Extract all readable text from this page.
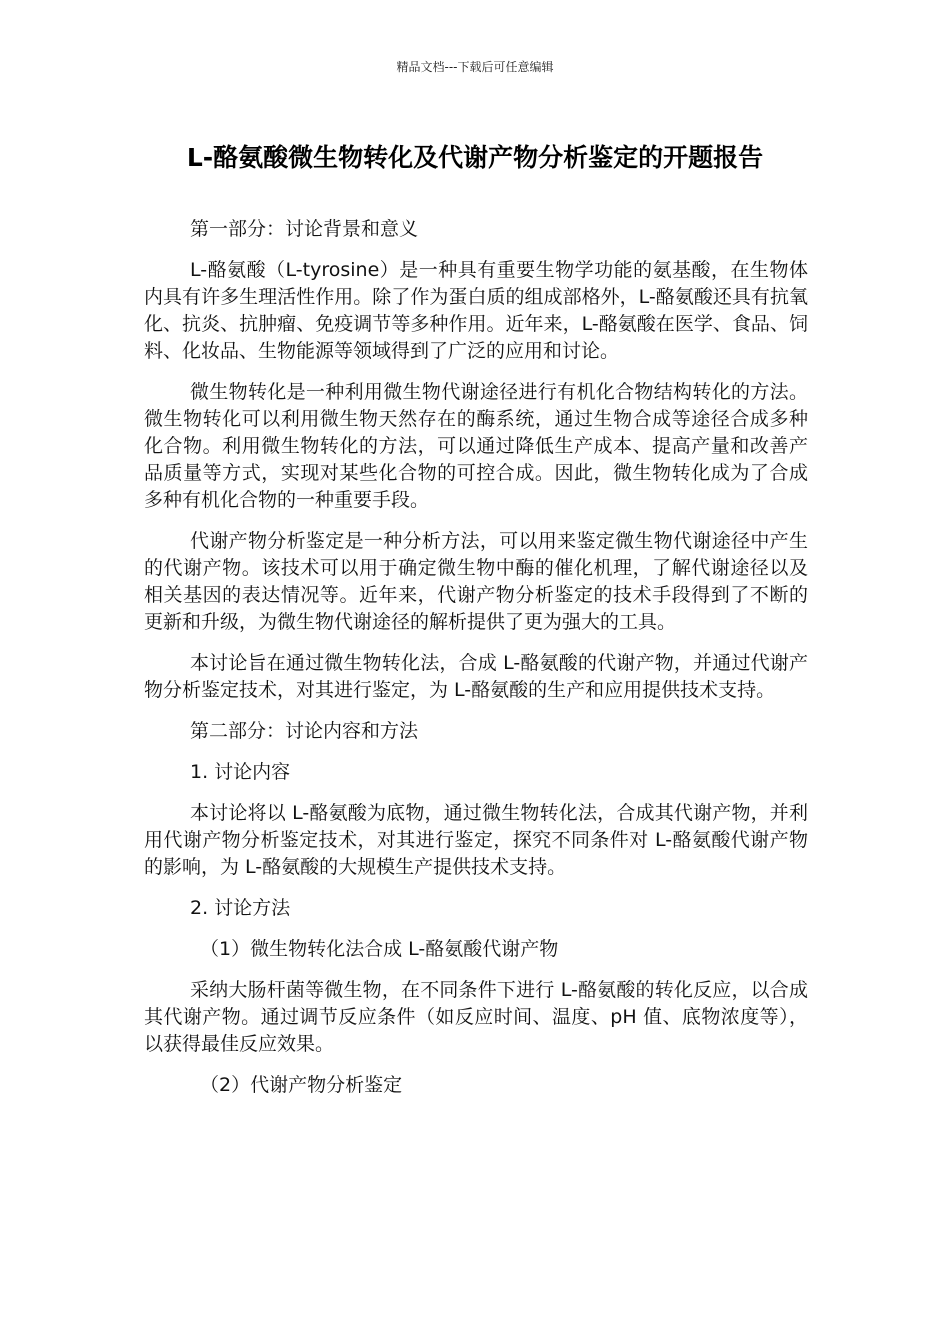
精品文档---下载后可任意编辑
L-酪氨酸微生物转化及代谢产物分析鉴定的开题报告

第一部分：讨论背景和意义

L-酪氨酸（L-tyrosine）是一种具有重要生物学功能的氨基酸，在生物体内具有许多生理活性作用。除了作为蛋白质的组成部格外，L-酪氨酸还具有抗氧化、抗炎、抗肿瘤、免疫调节等多种作用。近年来，L-酪氨酸在医学、食品、饲料、化妆品、生物能源等领域得到了广泛的应用和讨论。

微生物转化是一种利用微生物代谢途径进行有机化合物结构转化的方法。微生物转化可以利用微生物天然存在的酶系统，通过生物合成等途径合成多种化合物。利用微生物转化的方法，可以通过降低生产成本、提高产量和改善产品质量等方式，实现对某些化合物的可控合成。因此，微生物转化成为了合成多种有机化合物的一种重要手段。

代谢产物分析鉴定是一种分析方法，可以用来鉴定微生物代谢途径中产生的代谢产物。该技术可以用于确定微生物中酶的催化机理，了解代谢途径以及相关基因的表达情况等。近年来，代谢产物分析鉴定的技术手段得到了不断的更新和升级，为微生物代谢途径的解析提供了更为强大的工具。

本讨论旨在通过微生物转化法，合成 L-酪氨酸的代谢产物，并通过代谢产物分析鉴定技术，对其进行鉴定，为 L-酪氨酸的生产和应用提供技术支持。

第二部分：讨论内容和方法

1. 讨论内容

本讨论将以 L-酪氨酸为底物，通过微生物转化法，合成其代谢产物，并利用代谢产物分析鉴定技术，对其进行鉴定，探究不同条件对 L-酪氨酸代谢产物的影响，为 L-酪氨酸的大规模生产提供技术支持。

2. 讨论方法

（1）微生物转化法合成 L-酪氨酸代谢产物

采纳大肠杆菌等微生物，在不同条件下进行 L-酪氨酸的转化反应，以合成其代谢产物。通过调节反应条件（如反应时间、温度、pH 值、底物浓度等），以获得最佳反应效果。

（2）代谢产物分析鉴定
